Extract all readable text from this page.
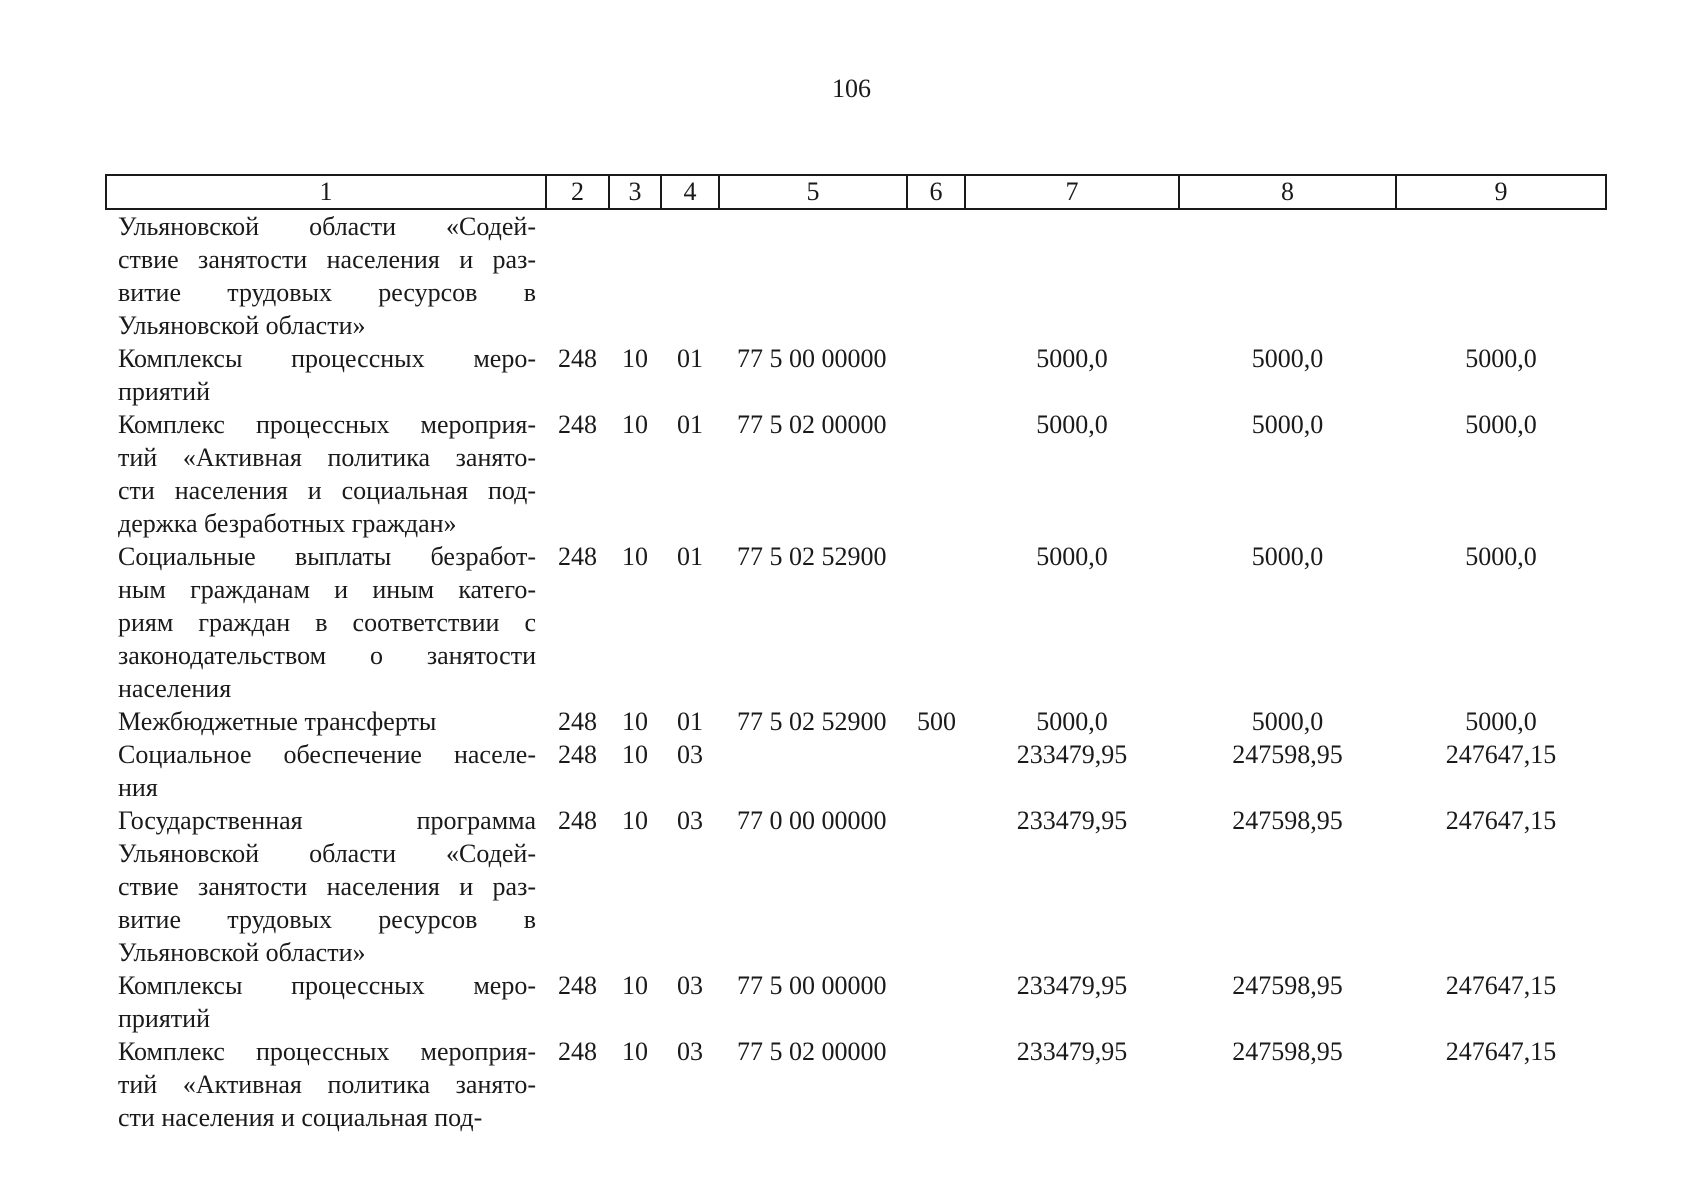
106
1	2	3	4	5	6	7	8	9

Ульяновской области «Содей-
ствие занятости населения и раз-
витие трудовых ресурсов в
Ульяновской области»								

Комплексы процессных меро-
приятий	248	10	01	77 5 00 00000		5000,0	5000,0	5000,0

Комплекс процессных мероприя-
тий «Активная политика занято-
сти населения и социальная под-
держка безработных граждан»	248	10	01	77 5 02 00000		5000,0	5000,0	5000,0

Социальные выплаты безработ-
ным гражданам и иным катего-
риям граждан в соответствии с
законодательством о занятости
населения	248	10	01	77 5 02 52900		5000,0	5000,0	5000,0

Межбюджетные трансферты	248	10	01	77 5 02 52900	500	5000,0	5000,0	5000,0

Социальное обеспечение населе-
ния	248	10	03			233479,95	247598,95	247647,15

Государственная программа
Ульяновской области «Содей-
ствие занятости населения и раз-
витие трудовых ресурсов в
Ульяновской области»	248	10	03	77 0 00 00000		233479,95	247598,95	247647,15

Комплексы процессных меро-
приятий	248	10	03	77 5 00 00000		233479,95	247598,95	247647,15

Комплекс процессных мероприя-
тий «Активная политика занято-
сти населения и социальная под-	248	10	03	77 5 02 00000		233479,95	247598,95	247647,15
